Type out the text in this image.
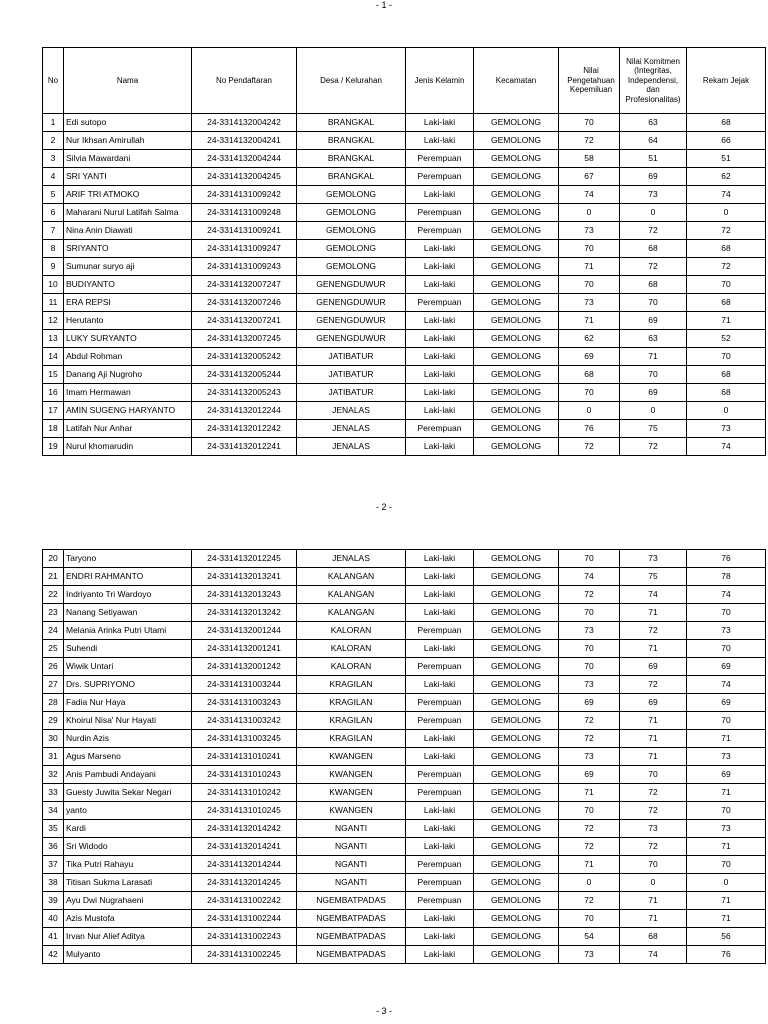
- 1 -
No	Nama	No Pendaftaran	Desa / Kelurahan	Jenis Kelamin	Kecamatan	Nilai Pengetahuan Kepemiluan	Nilai Komitmen (Integritas, Independensi, dan Profesionalitas)	Rekam Jejak
1	Edi sutopo	24-3314132004242	BRANGKAL	Laki-laki	GEMOLONG	70	63	68
2	Nur Ikhsan Amirullah	24-3314132004241	BRANGKAL	Laki-laki	GEMOLONG	72	64	66
3	Silvia Mawardani	24-3314132004244	BRANGKAL	Perempuan	GEMOLONG	58	51	51
4	SRI YANTI	24-3314132004245	BRANGKAL	Perempuan	GEMOLONG	67	69	62
5	ARIF TRI ATMOKO	24-3314131009242	GEMOLONG	Laki-laki	GEMOLONG	74	73	74
6	Maharani Nurul Latifah Salma	24-3314131009248	GEMOLONG	Perempuan	GEMOLONG	0	0	0
7	Nina Anin Diawati	24-3314131009241	GEMOLONG	Perempuan	GEMOLONG	73	72	72
8	SRIYANTO	24-3314131009247	GEMOLONG	Laki-laki	GEMOLONG	70	68	68
9	Sumunar suryo aji	24-3314131009243	GEMOLONG	Laki-laki	GEMOLONG	71	72	72
10	BUDIYANTO	24-3314132007247	GENENGDUWUR	Laki-laki	GEMOLONG	70	68	70
11	ERA REPSI	24-3314132007246	GENENGDUWUR	Perempuan	GEMOLONG	73	70	68
12	Herutanto	24-3314132007241	GENENGDUWUR	Laki-laki	GEMOLONG	71	69	71
13	LUKY SURYANTO	24-3314132007245	GENENGDUWUR	Laki-laki	GEMOLONG	62	63	52
14	Abdul Rohman	24-3314132005242	JATIBATUR	Laki-laki	GEMOLONG	69	71	70
15	Danang Aji Nugroho	24-3314132005244	JATIBATUR	Laki-laki	GEMOLONG	68	70	68
16	Imam Hermawan	24-3314132005243	JATIBATUR	Laki-laki	GEMOLONG	70	69	68
17	AMIN SUGENG HARYANTO	24-3314132012244	JENALAS	Laki-laki	GEMOLONG	0	0	0
18	Latifah Nur Anhar	24-3314132012242	JENALAS	Perempuan	GEMOLONG	76	75	73
19	Nurul khomarudin	24-3314132012241	JENALAS	Laki-laki	GEMOLONG	72	72	74
- 2 -
20	Taryono	24-3314132012245	JENALAS	Laki-laki	GEMOLONG	70	73	76
21	ENDRI RAHMANTO	24-3314132013241	KALANGAN	Laki-laki	GEMOLONG	74	75	78
22	Indriyanto Tri Wardoyo	24-3314132013243	KALANGAN	Laki-laki	GEMOLONG	72	74	74
23	Nanang Setiyawan	24-3314132013242	KALANGAN	Laki-laki	GEMOLONG	70	71	70
24	Melania Arinka Putri Utami	24-3314132001244	KALORAN	Perempuan	GEMOLONG	73	72	73
25	Suhendi	24-3314132001241	KALORAN	Laki-laki	GEMOLONG	70	71	70
26	Wiwik Untari	24-3314132001242	KALORAN	Perempuan	GEMOLONG	70	69	69
27	Drs. SUPRIYONO	24-3314131003244	KRAGILAN	Laki-laki	GEMOLONG	73	72	74
28	Fadia Nur Haya	24-3314131003243	KRAGILAN	Perempuan	GEMOLONG	69	69	69
29	Khoirul Nisa' Nur Hayati	24-3314131003242	KRAGILAN	Perempuan	GEMOLONG	72	71	70
30	Nurdin Azis	24-3314131003245	KRAGILAN	Laki-laki	GEMOLONG	72	71	71
31	Agus Marseno	24-3314131010241	KWANGEN	Laki-laki	GEMOLONG	73	71	73
32	Anis Pambudi Andayani	24-3314131010243	KWANGEN	Perempuan	GEMOLONG	69	70	69
33	Guesty Juwita Sekar Negari	24-3314131010242	KWANGEN	Perempuan	GEMOLONG	71	72	71
34	yanto	24-3314131010245	KWANGEN	Laki-laki	GEMOLONG	70	72	70
35	Kardi	24-3314132014242	NGANTI	Laki-laki	GEMOLONG	72	73	73
36	Sri Widodo	24-3314132014241	NGANTI	Laki-laki	GEMOLONG	72	72	71
37	Tika Putri Rahayu	24-3314132014244	NGANTI	Perempuan	GEMOLONG	71	70	70
38	Titisan Sukma Larasati	24-3314132014245	NGANTI	Perempuan	GEMOLONG	0	0	0
39	Ayu Dwi Nugrahaeni	24-3314131002242	NGEMBATPADAS	Perempuan	GEMOLONG	72	71	71
40	Azis Mustofa	24-3314131002244	NGEMBATPADAS	Laki-laki	GEMOLONG	70	71	71
41	Irvan Nur Alief Aditya	24-3314131002243	NGEMBATPADAS	Laki-laki	GEMOLONG	54	68	56
42	Mulyanto	24-3314131002245	NGEMBATPADAS	Laki-laki	GEMOLONG	73	74	76
- 3 -
